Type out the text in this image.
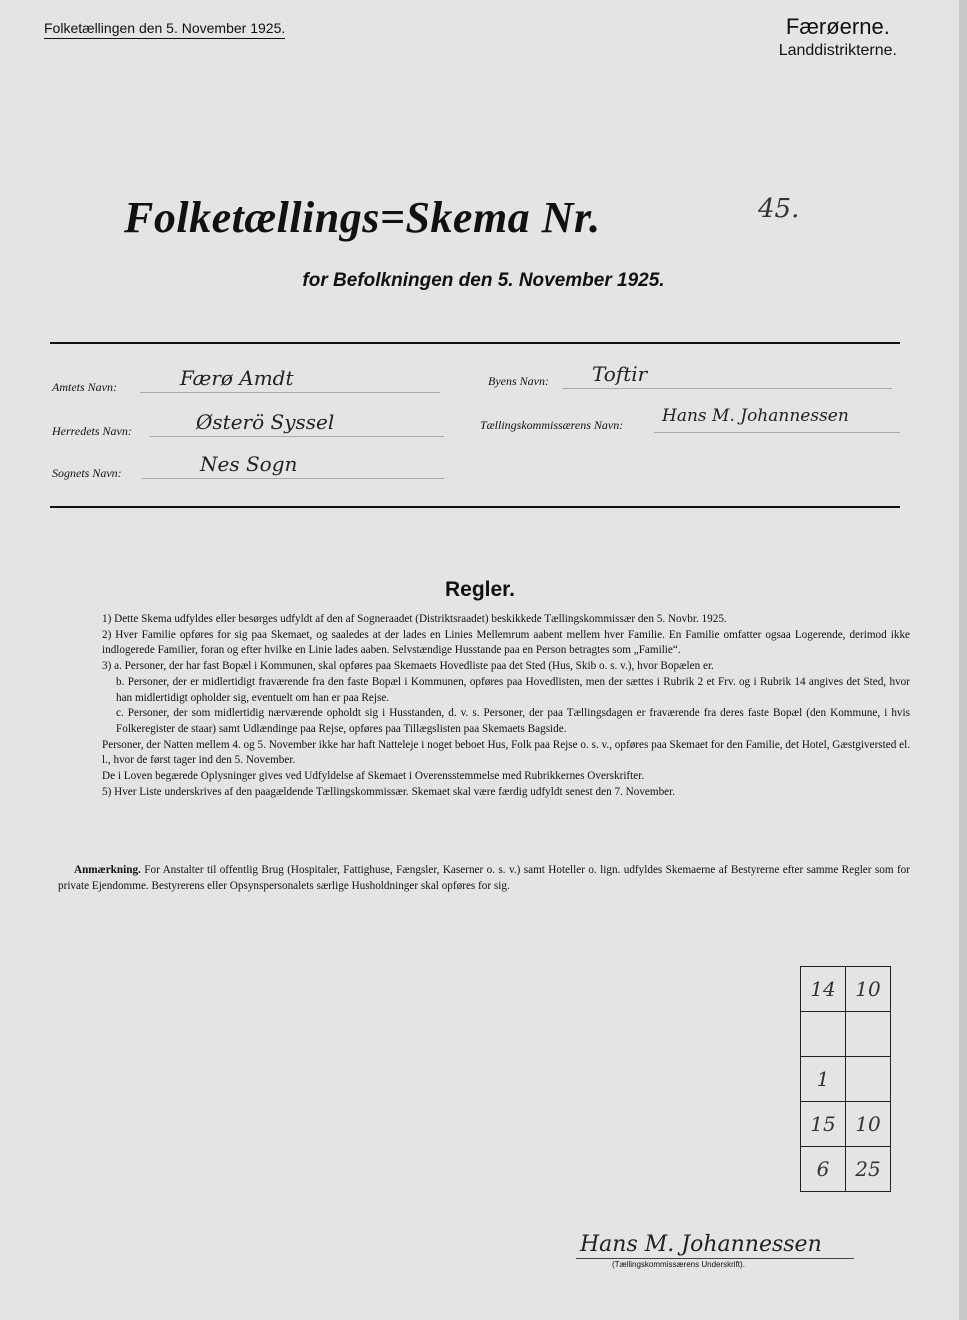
Folketællingen den 5. November 1925.	Færøerne.
Landdistrikterne.
Folketællings=Skema Nr.	45.
for Befolkningen den 5. November 1925.
Amtets Navn:	Færø Amdt	Byens Navn: Toftir
Herredets Navn:	Østerö Syssel	Tællingskommissærens Navn: Hans M. Johannessen
Sognets Navn:	Nes Sogn
Regler.

1) Dette Skema udfyldes eller besørges udfyldt af den af Sogneraadet (Distriktsraadet) beskikkede Tællingskommissær den 5. Novbr. 1925.

2) Hver Familie opføres for sig paa Skemaet, og saaledes at der lades en Linies Mellemrum aabent mellem hver Familie. En Familie omfatter ogsaa Logerende, derimod ikke indlogerede Familier, foran og efter hvilke en Linie lades aaben. Selvstændige Husstande paa en Person betragtes som „Familie“.

3) a. Personer, der har fast Bopæl i Kommunen, skal opføres paa Skemaets Hovedliste paa det Sted (Hus, Skib o. s. v.), hvor Bopælen er.

b. Personer, der er midlertidigt fraværende fra den faste Bopæl i Kommunen, opføres paa Hovedlisten, men der sættes i Rubrik 2 et Frv. og i Rubrik 14 angives det Sted, hvor han midlertidigt opholder sig, eventuelt om han er paa Rejse.

c. Personer, der som midlertidig nærværende opholdt sig i Husstanden, d. v. s. Personer, der paa Tællingsdagen er fraværende fra deres faste Bopæl (den Kommune, i hvis Folkeregister de staar) samt Udlændinge paa Rejse, opføres paa Tillægslisten paa Skemaets Bagside.

Personer, der Natten mellem 4. og 5. November ikke har haft Natteleje i noget beboet Hus, Folk paa Rejse o. s. v., opføres paa Skemaet for den Familie, det Hotel, Gæstgiversted el. l., hvor de først tager ind den 5. November.

De i Loven begærede Oplysninger gives ved Udfyldelse af Skemaet i Overensstemmelse med Rubrikkernes Overskrifter.

5) Hver Liste underskrives af den paagældende Tællingskommissær. Skemaet skal være færdig udfyldt senest den 7. November.

Anmærkning. For Anstalter til offentlig Brug (Hospitaler, Fattighuse, Fængsler, Kaserner o. s. v.) samt Hoteller o. lign. udfyldes Skemaerne af Bestyrerne efter samme Regler som for private Ejendomme. Bestyrerens eller Opsynspersonalets særlige Husholdninger skal opføres for sig.

14	10

1	
15	10
6	25
Hans M. Johannessen
(Tællingskommissærens Underskrift).
